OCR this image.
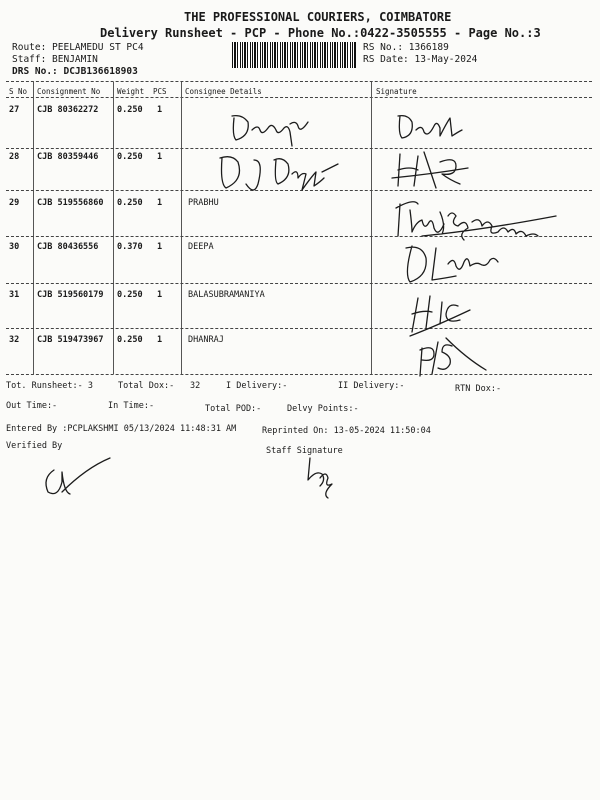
THE PROFESSIONAL COURIERS, COIMBATORE
Delivery Runsheet - PCP - Phone No.:0422-3505555 - Page No.:3
Route: PEELAMEDU ST PC4
Staff: BENJAMIN
DRS No.: DCJB136618903
RS No.: 1366189
RS Date: 13-May-2024
S No Consignment No Weight PCS Consignee Details	Signature
27 CJB 80362272 0.250 1
28 CJB 80359446 0.250 1
29 CJB 519556860 0.250 1	PRABHU
30 CJB 80436556 0.370 1	DEEPA
31 CJB 519560179 0.250 1	BALASUBRAMANIYA
32 CJB 519473967 0.250 1	DHANRAJ
Tot. Runsheet:- 3	Total Dox:- 32	I Delivery:-	II Delivery:-	RTN Dox:-
Out Time:-	In Time:-	Total POD:-	Delvy Points:-
Entered By :PCPLAKSHMI 05/13/2024 11:48:31 AM	Reprinted On: 13-05-2024 11:50:04
Verified By	Staff Signature
